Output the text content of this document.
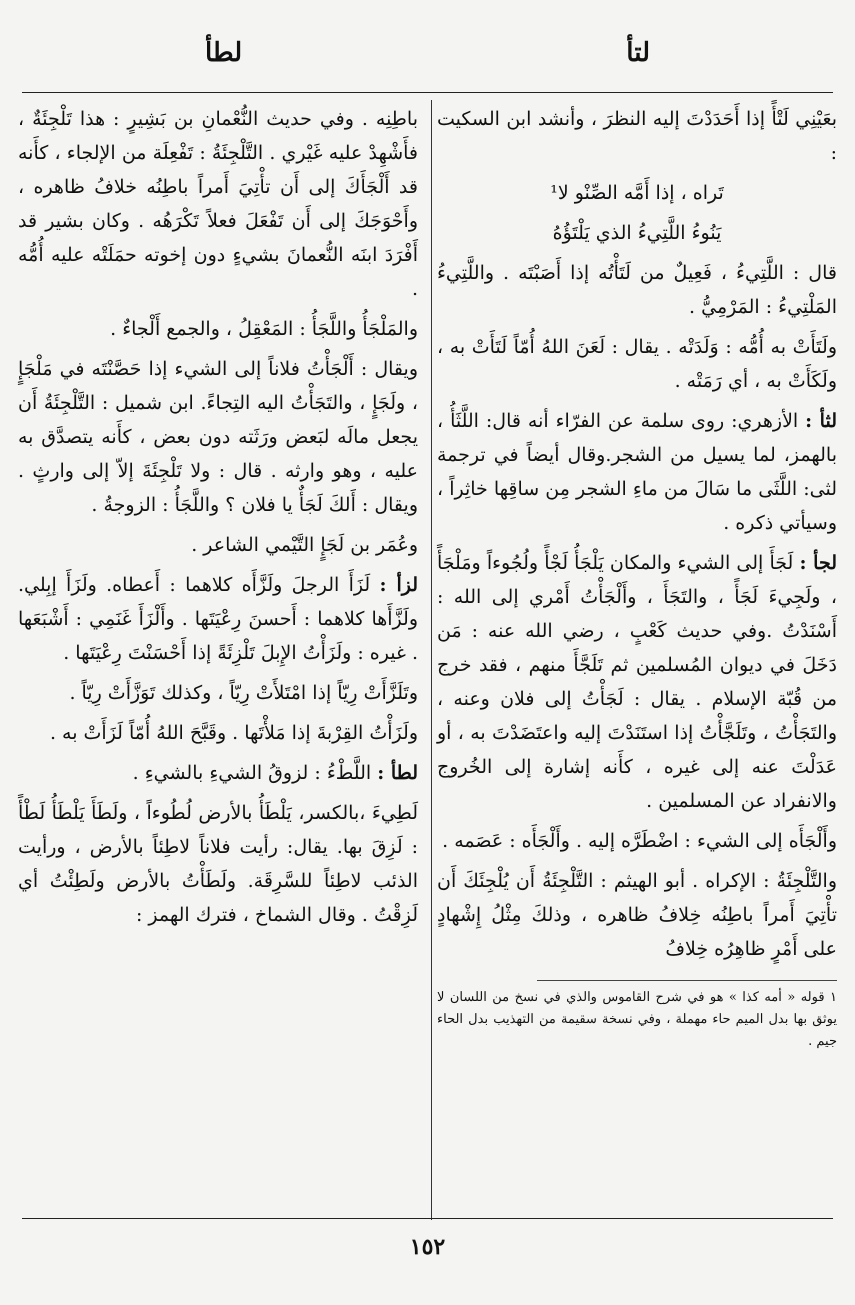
لتأ
لطأ

بعَيْنِي لَتْأً إذا أَحَدَدْتَ إليه النظرَ ، وأنشد ابن السكيت :

تَراه ، إذا أَمَّه الصِّنْو لا¹
يَنُوءُ اللَّتِيءُ الذي يَلْتَؤُهُ

قال : اللَّتِيءُ ، فَعِيلٌ من لَتَأْتُه إذا أَصَبْتَه . واللَّتِيءُ المَلْتِيءُ : المَرْمِيُّ .

ولَتَأَتْ به أُمُّه : وَلَدَتْه . يقال : لَعَنَ اللهُ أُمّاً لَتَأَتْ به ، ولَكَأَتْ به ، أي رَمَتْه .

لثأ : الأزهري: روى سلمة عن الفرّاء أنه قال: اللَّثَأُ ، بالهمز، لما يسيل من الشجر.وقال أيضاً في ترجمة لثى: اللَّثَى ما سَالَ من ماءِ الشجر مِن ساقِها خاثِراً ، وسيأتي ذكره .

لجأ : لَجَأَ إلى الشيء والمكان يَلْجَأُ لَجْأً ولُجُوءاً ومَلْجَأً ، ولَجِيءَ لَجَأً ، والتَجَأَ ، وأَلْجَأْتُ أَمْري إلى الله : أَسْنَدْتُ .وفي حديث كَعْبٍ ، رضي الله عنه : مَن دَخَلَ في ديوان المُسلمين ثم تَلَجَّأَ منهم ، فقد خرج من قُبّة الإسلام . يقال : لَجَأْتُ إلى فلان وعنه ، والتَجَأْتُ ، وتَلَجَّأْتُ إذا استَنَدْتَ إليه واعتَضَدْتَ به ، أو عَدَلْتَ عنه إلى غيره ، كأَنه إشارة إلى الخُروج والانفراد عن المسلمين .

وأَلْجَأَه إلى الشيء : اضْطَرَّه إليه . وأَلْجَأَه : عَصَمه .

والتَّلْجِئَةُ : الإكراه . أبو الهيثم : التَّلْجِئَةُ أَن يُلْجِئَكَ أَن تأْتِيَ أَمراً باطِنُه خِلافُ ظاهره ، وذلكَ مِثْلُ إِشْهادٍ على أَمْرٍ ظاهِرُه خِلافُ

١ قوله « أمه كذا » هو في شرح القاموس والذي في نسخ من اللسان لا يوثق بها بدل الميم حاء مهملة ، وفي نسخة سقيمة من التهذيب بدل الحاء جيم .

باطِنِه . وفي حديث النُّعْمانِ بن بَشِيرٍ : هذا تَلْجِئَةٌ ، فأَشْهِدْ عليه غَيْري . التَّلْجِئَةُ : تَفْعِلَة من الإلجاء ، كأَنه قد أَلْجَأَكَ إلى أَن تأْتِيَ أَمراً باطِنُه خلافُ ظاهره ، وأَحْوَجَكَ إلى أَن تَفْعَلَ فعلاً تَكْرَهُه . وكان بشير قد أَفْرَدَ ابنَه النُّعمانَ بشيءٍ دون إخوته حمَلَتْه عليه أُمُّه .

والمَلْجَأُ واللَّجَأُ : المَعْقِلُ ، والجمع أَلْجاءٌ .

ويقال : أَلْجَأْتُ فلاناً إلى الشيء إذا حَصَّنْتَه في مَلْجَإٍ ، ولَجَإٍ ، والتَجَأْتُ اليه التِجاءً. ابن شميل : التَّلْجِئَةُ أَن يجعل مالَه لبَعض ورَثَته دون بعض ، كأَنه يتصدَّق به عليه ، وهو وارثه . قال : ولا تَلْجِئَةَ إلاّ إلى وارثٍ . ويقال : أَلكَ لَجَأٌ يا فلان ؟ واللَّجَأُ : الزوجةُ .

وعُمَر بن لَجَإٍ التَّيْمي الشاعر .

لزأ : لَزَأَ الرجلَ ولَزَّأَه كلاهما : أَعطاه. ولَزَأَ إبِلي. ولَزَّأَها كلاهما : أَحسنَ رِعْيَتَها . وأَلْزَأَ غَنَمِي : أَشْبَعَها . غيره : ولَزَأْتُ الإِبلَ تَلْزِئَةً إذا أَحْسَنْتَ رِعْيَتَها .

وتَلَزَّأَتْ رِيّاً إذا امْتَلأَتْ رِيّاً ، وكذلك تَوَزَّأَتْ رِيّاً .

ولَزَأْتُ القِرْبةَ إذا مَلأْتَها . وقَبَّحَ اللهُ أُمّاً لَزَأَتْ به .

لطأ : اللَّطْءُ : لزوقُ الشيءِ بالشيءِ .

لَطِيءَ ،بالكسر، يَلْطَأُ بالأرض لُطُوءاً ، ولَطَأَ يَلْطَأُ لَطْأً : لَزِقَ بها. يقال: رأيت فلاناً لاطِئاً بالأرض ، ورأيت الذئب لاطِئاً للسَّرِقَة. ولَطَأْتُ بالأرض ولَطِئْتُ أي لَزِقْتُ . وقال الشماخ ، فترك الهمز :

١٥٢
